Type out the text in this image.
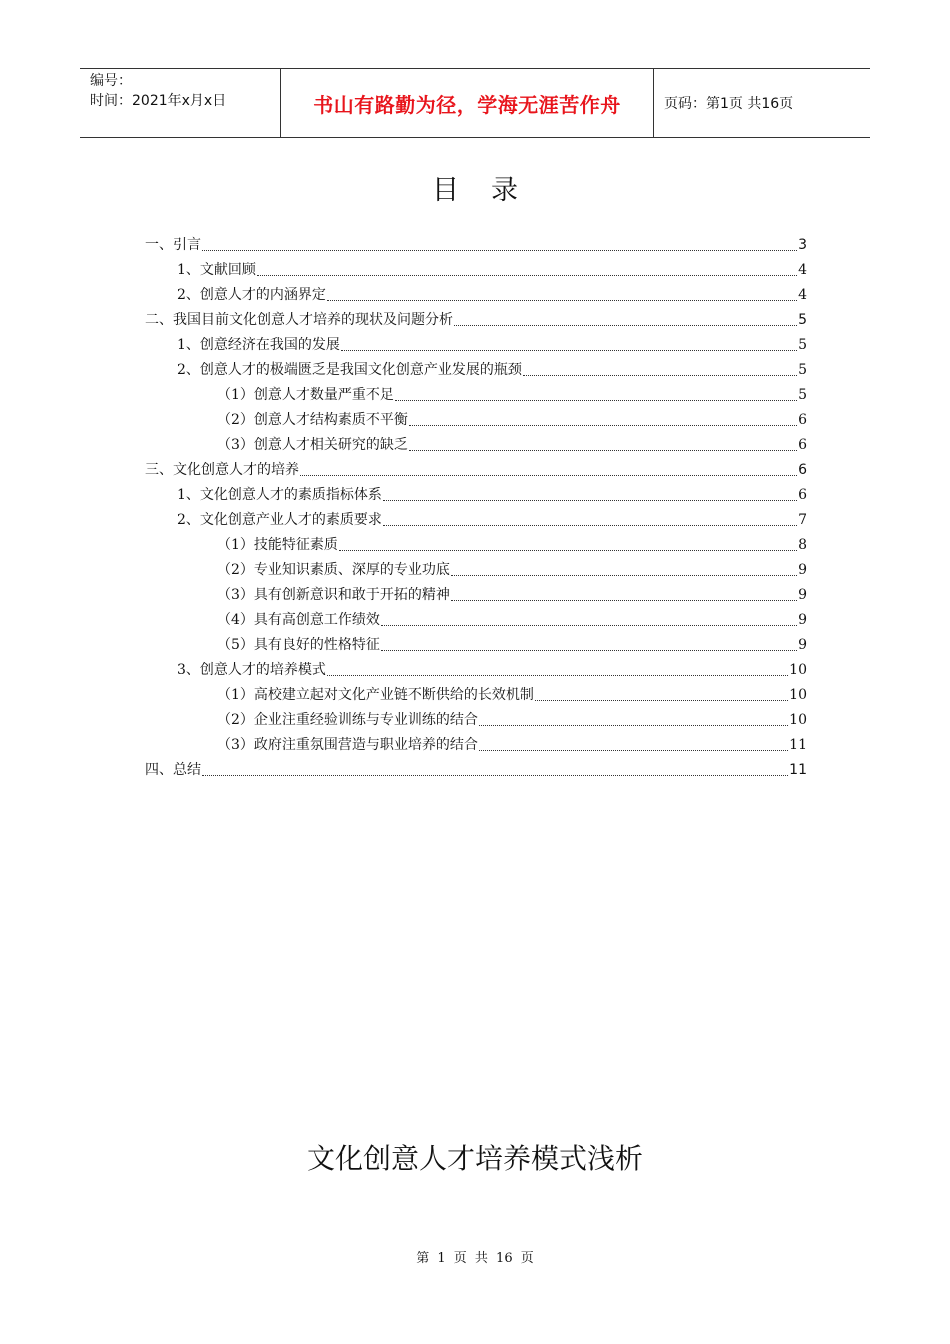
编号：
时间：2021年x月x日	书山有路勤为径，学海无涯苦作舟	页码：第1页 共16页
目录
一、引言	3
1、文献回顾	4
2、创意人才的内涵界定	4
二、我国目前文化创意人才培养的现状及问题分析	5
1、创意经济在我国的发展	5
2、创意人才的极端匮乏是我国文化创意产业发展的瓶颈	5
（1）创意人才数量严重不足	5
（2）创意人才结构素质不平衡	6
（3）创意人才相关研究的缺乏	6
三、文化创意人才的培养	6
1、文化创意人才的素质指标体系	6
2、文化创意产业人才的素质要求	7
（1）技能特征素质	8
（2）专业知识素质、深厚的专业功底	9
（3）具有创新意识和敢于开拓的精神	9
（4）具有高创意工作绩效	9
（5）具有良好的性格特征	9
3、创意人才的培养模式	10
（1）高校建立起对文化产业链不断供给的长效机制	10
（2）企业注重经验训练与专业训练的结合	10
（3）政府注重氛围营造与职业培养的结合	11
四、总结	11
文化创意人才培养模式浅析
第 1 页 共 16 页
